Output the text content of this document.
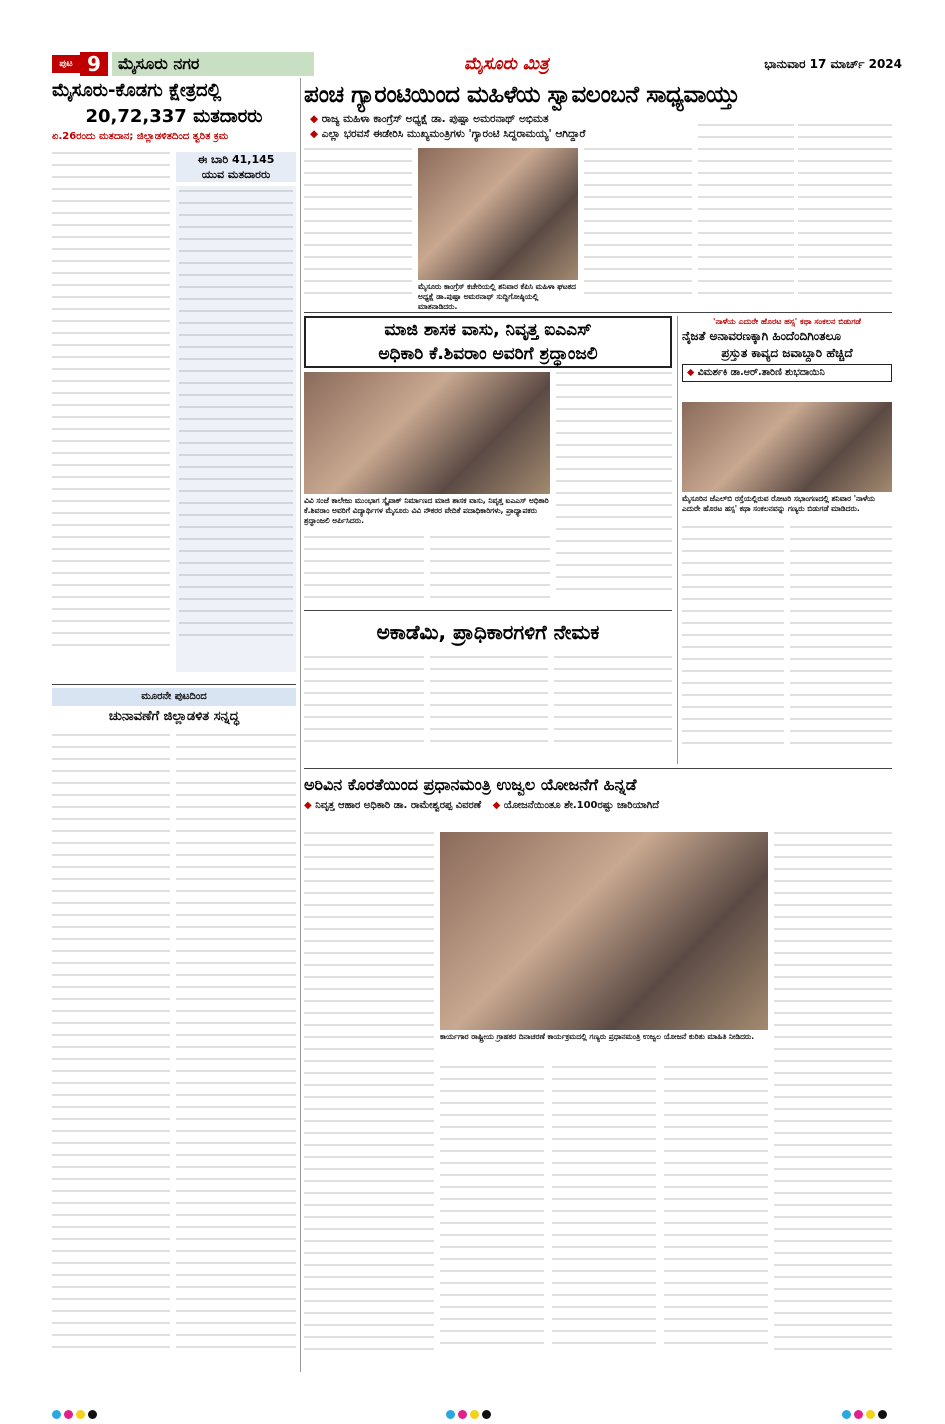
ಪುಟ 9	ಮೈಸೂರು ನಗರ	ಮೈಸೂರು ಮಿತ್ರ	ಭಾನುವಾರ 17 ಮಾರ್ಚ್ 2024
ಮೈಸೂರು-ಕೊಡಗು ಕ್ಷೇತ್ರದಲ್ಲಿ
20,72,337 ಮತದಾರರು
ಏ.26ರಂದು ಮತದಾನ; ಜಿಲ್ಲಾಡಳಿತದಿಂದ ತ್ವರಿತ ಕ್ರಮ
ಈ ಬಾರಿ 41,145
ಯುವ ಮತದಾರರು
ಮೂರನೇ ಪುಟದಿಂದ
ಚುನಾವಣೆಗೆ ಜಿಲ್ಲಾಡಳಿತ ಸನ್ನದ್ಧ
ಪಂಚ ಗ್ಯಾರಂಟಿಯಿಂದ ಮಹಿಳೆಯ ಸ್ವಾವಲಂಬನೆ ಸಾಧ್ಯವಾಯ್ತು
◆ ರಾಜ್ಯ ಮಹಿಳಾ ಕಾಂಗ್ರೆಸ್ ಅಧ್ಯಕ್ಷೆ ಡಾ. ಪುಷ್ಪಾ ಅಮರನಾಥ್ ಅಭಿಮತ
◆ ಎಲ್ಲಾ ಭರವಸೆ ಈಡೇರಿಸಿ ಮುಖ್ಯಮಂತ್ರಿಗಳು 'ಗ್ಯಾರಂಟಿ ಸಿದ್ದರಾಮಯ್ಯ' ಆಗಿದ್ದಾರೆ
ಮೈಸೂರು ಕಾಂಗ್ರೆಸ್ ಕಚೇರಿಯಲ್ಲಿ ಶನಿವಾರ ಕೆಪಿಸಿ ಮಹಿಳಾ ಘಟಕದ ಅಧ್ಯಕ್ಷೆ ಡಾ.ಪುಷ್ಪಾ ಅಮರನಾಥ್ ಸುದ್ದಿಗೋಷ್ಠಿಯಲ್ಲಿ ಮಾತನಾಡಿದರು.
ಮಾಜಿ ಶಾಸಕ ವಾಸು, ನಿವೃತ್ತ ಐಎಎಸ್
ಅಧಿಕಾರಿ ಕೆ.ಶಿವರಾಂ ಅವರಿಗೆ ಶ್ರದ್ಧಾಂಜಲಿ
ವಿವಿ ಸಂಜೆ ಕಾಲೇಜು ಮುಂಭಾಗ ಸ್ಕೈವಾಕ್ ನಿರ್ಮಾಣದ ಮಾಜಿ ಶಾಸಕ ವಾಸು, ನಿವೃತ್ತ ಐಎಎಸ್ ಅಧಿಕಾರಿ ಕೆ.ಶಿವರಾಂ ಅವರಿಗೆ ವಿದ್ಯಾರ್ಥಿಗಳ ಮೈಸೂರು ವಿವಿ ನೌಕರರ ವೇದಿಕೆ ಪದಾಧಿಕಾರಿಗಳು, ಪ್ರಾಧ್ಯಾಪಕರು ಶ್ರದ್ಧಾಂಜಲಿ ಅರ್ಪಿಸಿದರು.
'ನಾಳೆಯ ಎದುರೇ ಹೊರಟ ಹಸ್ಸ' ಕಥಾ ಸಂಕಲನ ಬಿಡುಗಡೆ
ನೈಜತೆ ಅನಾವರಣಕ್ಕಾಗಿ ಹಿಂದೆಂದಿಗಿಂತಲೂ
ಪ್ರಸ್ತುತ ಕಾವ್ಯದ ಜವಾಬ್ದಾರಿ ಹೆಚ್ಚಿದೆ
◆ ವಿಮರ್ಶಕಿ ಡಾ.ಆರ್.ತಾರಿಣಿ ಶುಭದಾಯಿನಿ
ಮೈಸೂರಿನ ಜೆಎಲ್‌ಬಿ ರಸ್ತೆಯಲ್ಲಿರುವ ರೋಟರಿ ಸಭಾಂಗಣದಲ್ಲಿ ಶನಿವಾರ 'ನಾಳೆಯ ಎದುರೇ ಹೊರಟ ಹಸ್ಸ' ಕಥಾ ಸಂಕಲನವನ್ನು ಗಣ್ಯರು ಬಿಡುಗಡೆ ಮಾಡಿದರು.
ಅಕಾಡೆಮಿ, ಪ್ರಾಧಿಕಾರಗಳಿಗೆ ನೇಮಕ
ಅರಿವಿನ ಕೊರತೆಯಿಂದ ಪ್ರಧಾನಮಂತ್ರಿ ಉಜ್ವಲ ಯೋಜನೆಗೆ ಹಿನ್ನಡೆ
◆ ನಿವೃತ್ತ ಆಹಾರ ಅಧಿಕಾರಿ ಡಾ. ರಾಮೇಶ್ವರಪ್ಪ ವಿವರಣೆ ◆ ಯೋಜನೆಯಿಂತೂ ಶೇ.100ರಷ್ಟು ಜಾರಿಯಾಗಿದೆ
ಕಾರ್ಯಗಾರ ರಾಷ್ಟ್ರೀಯ ಗ್ರಾಹಕರ ದಿನಾಚರಣೆ ಕಾರ್ಯಕ್ರಮದಲ್ಲಿ ಗಣ್ಯರು ಪ್ರಧಾನಮಂತ್ರಿ ಉಜ್ವಲ ಯೋಜನೆ ಕುರಿತು ಮಾಹಿತಿ ನೀಡಿದರು.
